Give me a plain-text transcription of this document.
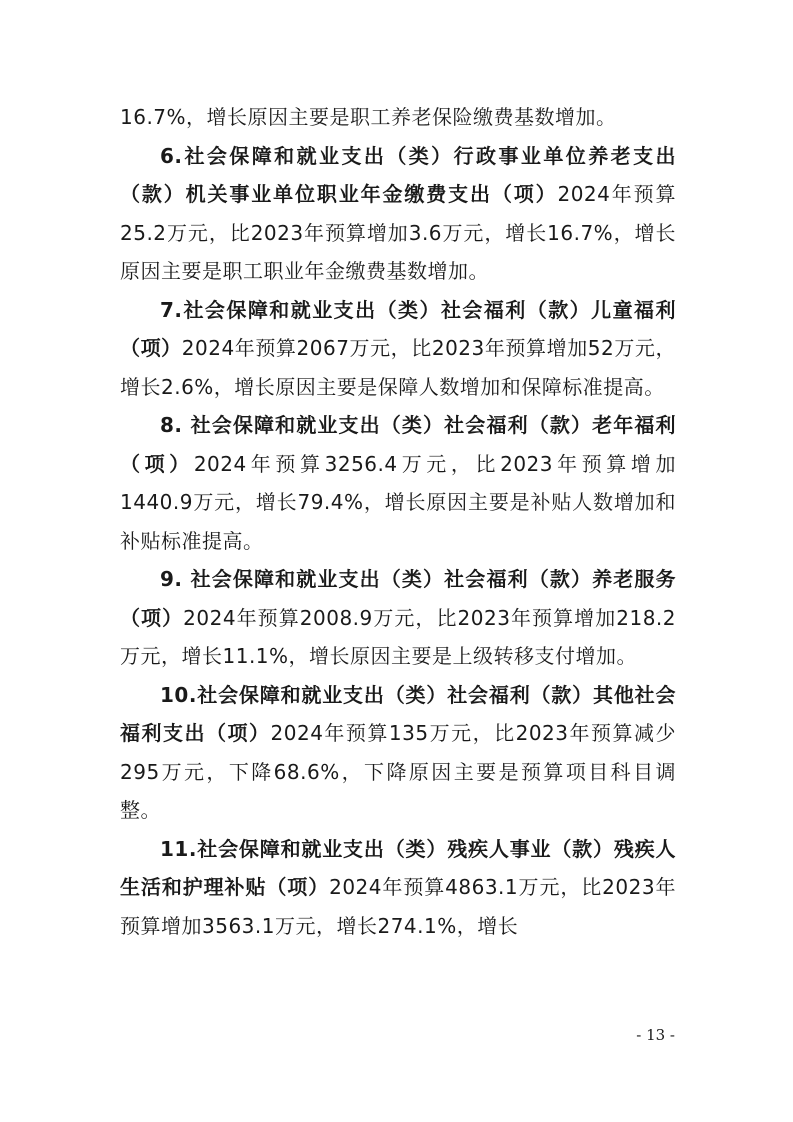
16.7%，增长原因主要是职工养老保险缴费基数增加。

6.社会保障和就业支出（类）行政事业单位养老支出（款）机关事业单位职业年金缴费支出（项）2024年预算25.2万元，比2023年预算增加3.6万元，增长16.7%，增长原因主要是职工职业年金缴费基数增加。

7.社会保障和就业支出（类）社会福利（款）儿童福利（项）2024年预算2067万元，比2023年预算增加52万元，增长2.6%，增长原因主要是保障人数增加和保障标准提高。

8. 社会保障和就业支出（类）社会福利（款）老年福利（项）2024年预算3256.4万元，比2023年预算增加1440.9万元，增长79.4%，增长原因主要是补贴人数增加和补贴标准提高。

9. 社会保障和就业支出（类）社会福利（款）养老服务（项）2024年预算2008.9万元，比2023年预算增加218.2万元，增长11.1%，增长原因主要是上级转移支付增加。

10.社会保障和就业支出（类）社会福利（款）其他社会福利支出（项）2024年预算135万元，比2023年预算减少295万元，下降68.6%，下降原因主要是预算项目科目调整。

11.社会保障和就业支出（类）残疾人事业（款）残疾人生活和护理补贴（项）2024年预算4863.1万元，比2023年预算增加3563.1万元，增长274.1%，增长

- 13 -
